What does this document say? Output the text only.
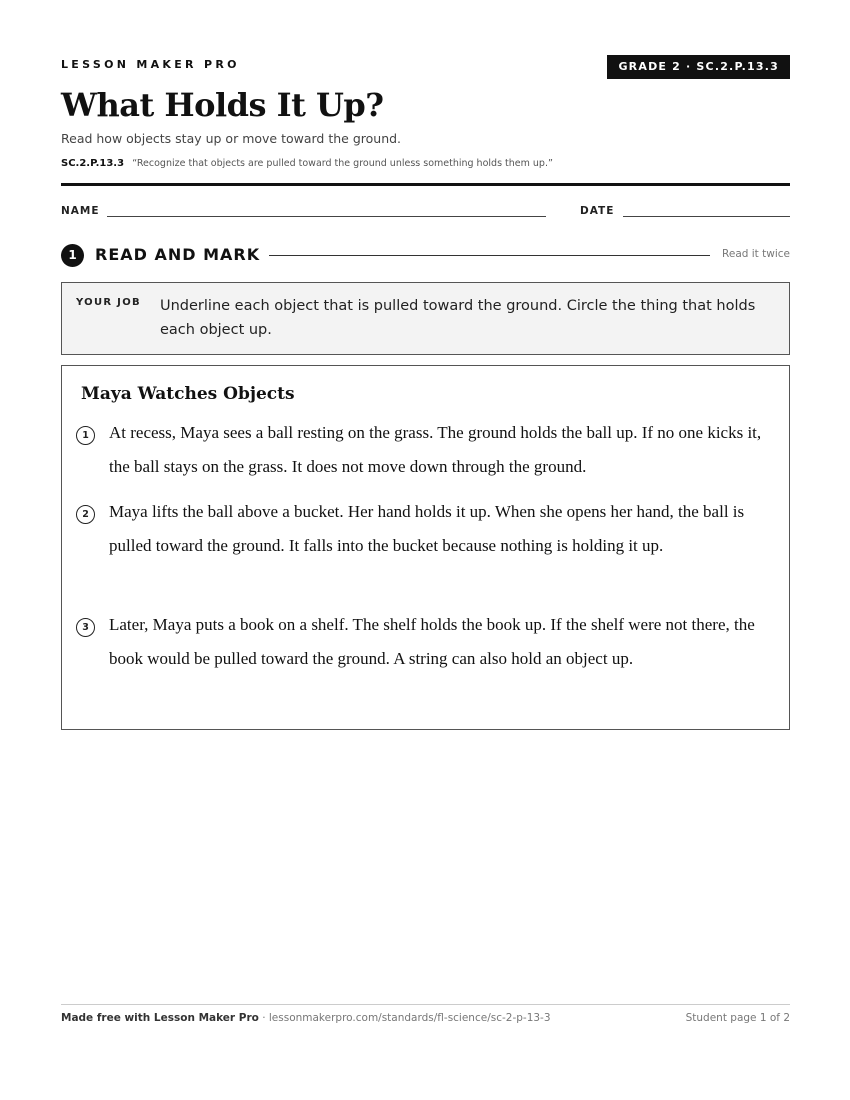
LESSON MAKER PRO	GRADE 2 · SC.2.P.13.3
What Holds It Up?
Read how objects stay up or move toward the ground.
SC.2.P.13.3 “Recognize that objects are pulled toward the ground unless something holds them up.”
NAME	DATE
1	READ AND MARK	Read it twice
YOUR JOB Underline each object that is pulled toward the ground. Circle the thing that holds each object up.
Maya Watches Objects
1	At recess, Maya sees a ball resting on the grass. The ground holds the ball up. If no one kicks it, the ball stays on the grass. It does not move down through the ground.
2	Maya lifts the ball above a bucket. Her hand holds it up. When she opens her hand, the ball is pulled toward the ground. It falls into the bucket because nothing is holding it up.
3	Later, Maya puts a book on a shelf. The shelf holds the book up. If the shelf were not there, the book would be pulled toward the ground. A string can also hold an object up.
Made free with Lesson Maker Pro · lessonmakerpro.com/standards/fl-science/sc-2-p-13-3	Student page 1 of 2
